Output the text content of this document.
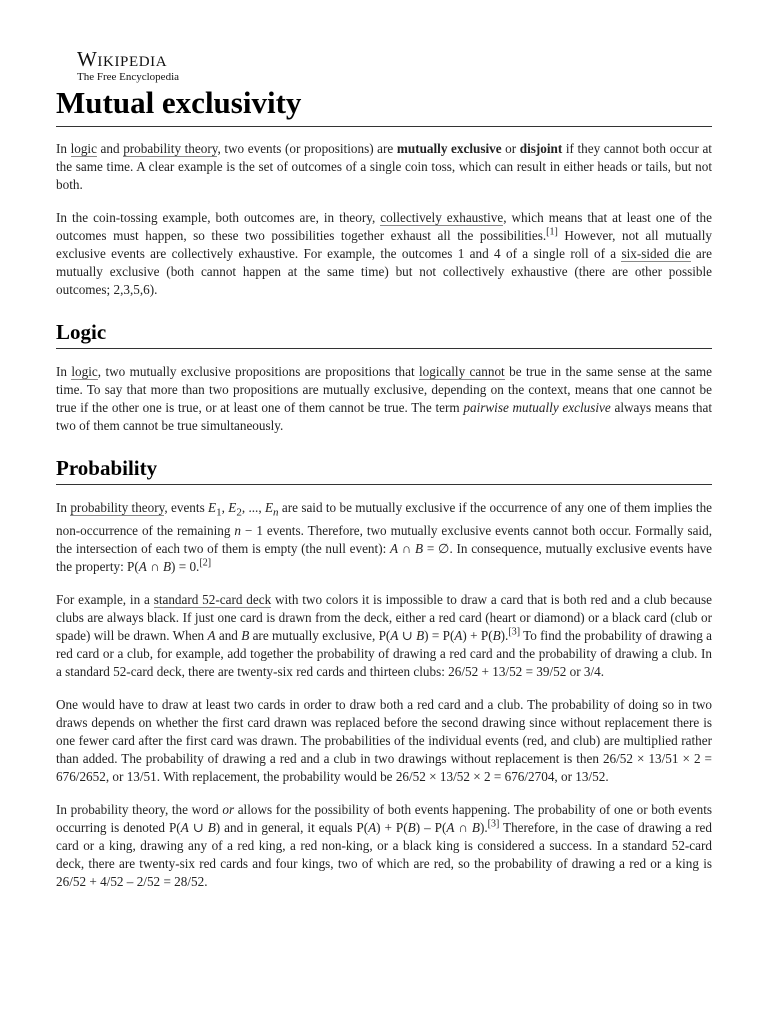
Wikipedia
The Free Encyclopedia
Mutual exclusivity

In logic and probability theory, two events (or propositions) are mutually exclusive or disjoint if they cannot both occur at the same time. A clear example is the set of outcomes of a single coin toss, which can result in either heads or tails, but not both.

In the coin-tossing example, both outcomes are, in theory, collectively exhaustive, which means that at least one of the outcomes must happen, so these two possibilities together exhaust all the possibilities.[1] However, not all mutually exclusive events are collectively exhaustive. For example, the outcomes 1 and 4 of a single roll of a six-sided die are mutually exclusive (both cannot happen at the same time) but not collectively exhaustive (there are other possible outcomes; 2,3,5,6).

Logic

In logic, two mutually exclusive propositions are propositions that logically cannot be true in the same sense at the same time. To say that more than two propositions are mutually exclusive, depending on the context, means that one cannot be true if the other one is true, or at least one of them cannot be true. The term pairwise mutually exclusive always means that two of them cannot be true simultaneously.

Probability

In probability theory, events $E_1$, $E_2$, ..., $E_n$ are said to be mutually exclusive if the occurrence of any one of them implies the non-occurrence of the remaining n − 1 events. Therefore, two mutually exclusive events cannot both occur. Formally said, the intersection of each two of them is empty (the null event): A ∩ B = ∅. In consequence, mutually exclusive events have the property: P(A ∩ B) = 0.[2]

For example, in a standard 52-card deck with two colors it is impossible to draw a card that is both red and a club because clubs are always black. If just one card is drawn from the deck, either a red card (heart or diamond) or a black card (club or spade) will be drawn. When A and B are mutually exclusive, P(A ∪ B) = P(A) + P(B).[3] To find the probability of drawing a red card or a club, for example, add together the probability of drawing a red card and the probability of drawing a club. In a standard 52-card deck, there are twenty-six red cards and thirteen clubs: 26/52 + 13/52 = 39/52 or 3/4.

One would have to draw at least two cards in order to draw both a red card and a club. The probability of doing so in two draws depends on whether the first card drawn was replaced before the second drawing since without replacement there is one fewer card after the first card was drawn. The probabilities of the individual events (red, and club) are multiplied rather than added. The probability of drawing a red and a club in two drawings without replacement is then 26/52 × 13/51 × 2 = 676/2652, or 13/51. With replacement, the probability would be 26/52 × 13/52 × 2 = 676/2704, or 13/52.

In probability theory, the word or allows for the possibility of both events happening. The probability of one or both events occurring is denoted P(A ∪ B) and in general, it equals P(A) + P(B) – P(A ∩ B).[3] Therefore, in the case of drawing a red card or a king, drawing any of a red king, a red non-king, or a black king is considered a success. In a standard 52-card deck, there are twenty-six red cards and four kings, two of which are red, so the probability of drawing a red or a king is 26/52 + 4/52 – 2/52 = 28/52.
